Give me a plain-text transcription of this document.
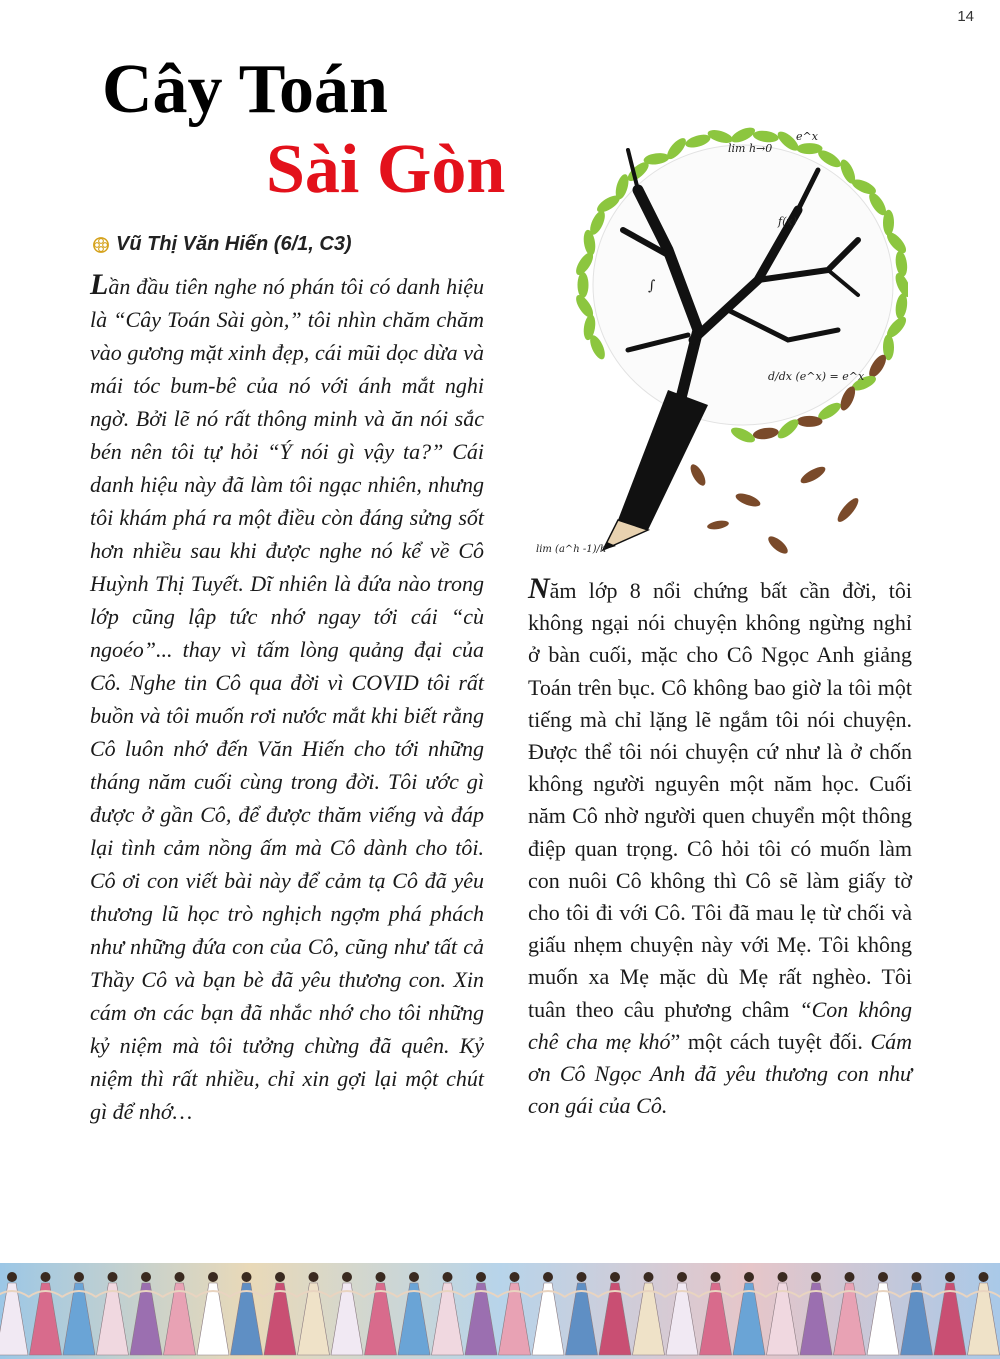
14
Cây Toán
Sài Gòn
Vũ Thị Văn Hiến (6/1, C3)
Lần đầu tiên nghe nó phán tôi có danh hiệu là “Cây Toán Sài gòn,” tôi nhìn chăm chăm vào gương mặt xinh đẹp, cái mũi dọc dừa và mái tóc bum-bê của nó với ánh mắt nghi ngờ. Bởi lẽ nó rất thông minh và ăn nói sắc bén nên tôi tự hỏi “Ý nói gì vậy ta?” Cái danh hiệu này đã làm tôi ngạc nhiên, nhưng tôi khám phá ra một điều còn đáng sửng sốt hơn nhiều sau khi được nghe nó kể về Cô Huỳnh Thị Tuyết. Dĩ nhiên là đứa nào trong lớp cũng lập tức nhớ ngay tới cái “cù ngoéo”... thay vì tấm lòng quảng đại của Cô. Nghe tin Cô qua đời vì COVID tôi rất buồn và tôi muốn rơi nước mắt khi biết rằng Cô luôn nhớ đến Văn Hiến cho tới những tháng năm cuối cùng trong đời. Tôi ước gì được ở gần Cô, để được thăm viếng và đáp lại tình cảm nồng ấm mà Cô dành cho tôi. Cô ơi con viết bài này để cảm tạ Cô đã yêu thương lũ học trò nghịch ngợm phá phách như những đứa con của Cô, cũng như tất cả Thầy Cô và bạn bè đã yêu thương con. Xin cám ơn các bạn đã nhắc nhớ cho tôi những kỷ niệm mà tôi tưởng chừng đã quên. Kỷ niệm thì rất nhiều, chỉ xin gợi lại một chút gì để nhớ…
Năm lớp 8 nổi chứng bất cần đời, tôi không ngại nói chuyện không ngừng nghỉ ở bàn cuối, mặc cho Cô Ngọc Anh giảng Toán trên bục. Cô không bao giờ la tôi một tiếng mà chỉ lặng lẽ ngắm tôi nói chuyện. Được thể tôi nói chuyện cứ như là ở chốn không người nguyên một năm học. Cuối năm Cô nhờ người quen chuyển một thông điệp quan trọng. Cô hỏi tôi có muốn làm con nuôi Cô không thì Cô sẽ làm giấy tờ cho tôi đi với Cô. Tôi đã mau lẹ từ chối và giấu nhẹm chuyện này với Mẹ. Tôi không muốn xa Mẹ mặc dù Mẹ rất nghèo. Tôi tuân theo câu phương châm “Con không chê cha mẹ khó” một cách tuyệt đối. Cám ơn Cô Ngọc Anh đã yêu thương con như con gái của Cô.
lim h→0
e^x
d/dx (e^x) = e^x
f(x)
∫
lim (a^h -1)/h
